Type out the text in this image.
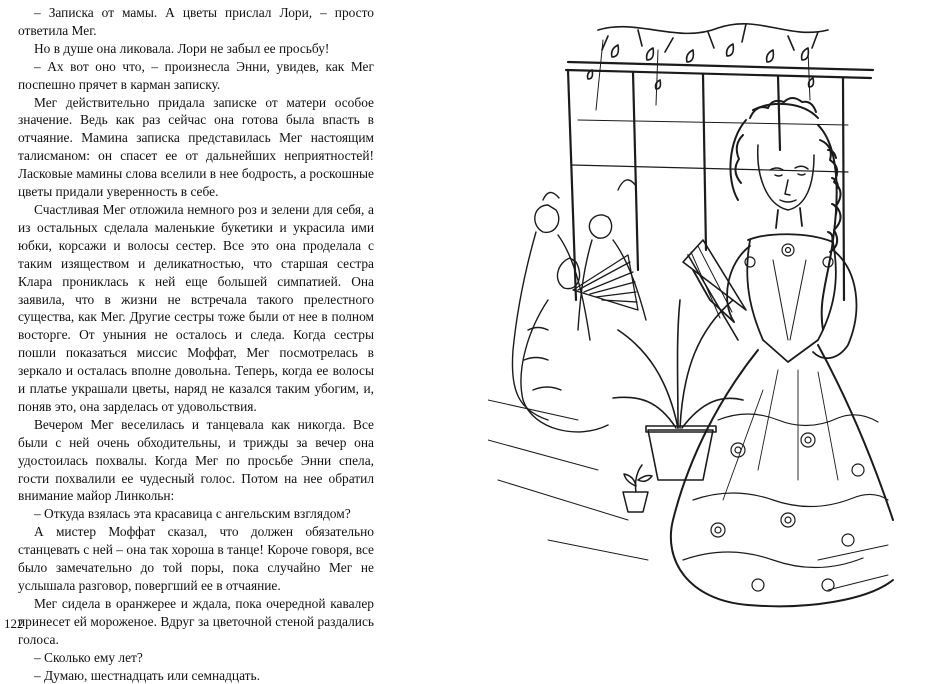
– Записка от мамы. А цветы прислал Лори, – просто ответила Мег.

Но в душе она ликовала. Лори не забыл ее просьбу!

– Ах вот оно что, – произнесла Энни, увидев, как Мег поспешно прячет в карман записку.

Мег действительно придала записке от матери особое значение. Ведь как раз сейчас она готова была впасть в отчаяние. Мамина записка представилась Мег настоящим талисманом: он спасет ее от дальнейших неприятностей! Ласковые мамины слова вселили в нее бодрость, а роскошные цветы придали уверенность в себе.

Счастливая Мег отложила немного роз и зелени для себя, а из остальных сделала маленькие букетики и украсила ими юбки, корсажи и волосы сестер. Все это она проделала с таким изяществом и деликатностью, что старшая сестра Клара прониклась к ней еще большей симпатией. Она заявила, что в жизни не встречала такого прелестного существа, как Мег. Другие сестры тоже были от нее в полном восторге. От уныния не осталось и следа. Когда сестры пошли показаться миссис Моффат, Мег посмотрелась в зеркало и осталась вполне довольна. Теперь, когда ее волосы и платье украшали цветы, наряд не казался таким убогим, и, поняв это, она зарделась от удовольствия.

Вечером Мег веселилась и танцевала как никогда. Все были с ней очень обходительны, и трижды за вечер она удостоилась похвалы. Когда Мег по просьбе Энни спела, гости похвалили ее чудесный голос. Потом на нее обратил внимание майор Линкольн:

– Откуда взялась эта красавица с ангельским взглядом?

А мистер Моффат сказал, что должен обязательно станцевать с ней – она так хороша в танце! Короче говоря, все было замечательно до той поры, пока случайно Мег не услышала разговор, повергший ее в отчаяние.

Мег сидела в оранжерее и ждала, пока очередной кавалер принесет ей мороженое. Вдруг за цветочной стеной раздались голоса.

– Сколько ему лет?

– Думаю, шестнадцать или семнадцать.

122
